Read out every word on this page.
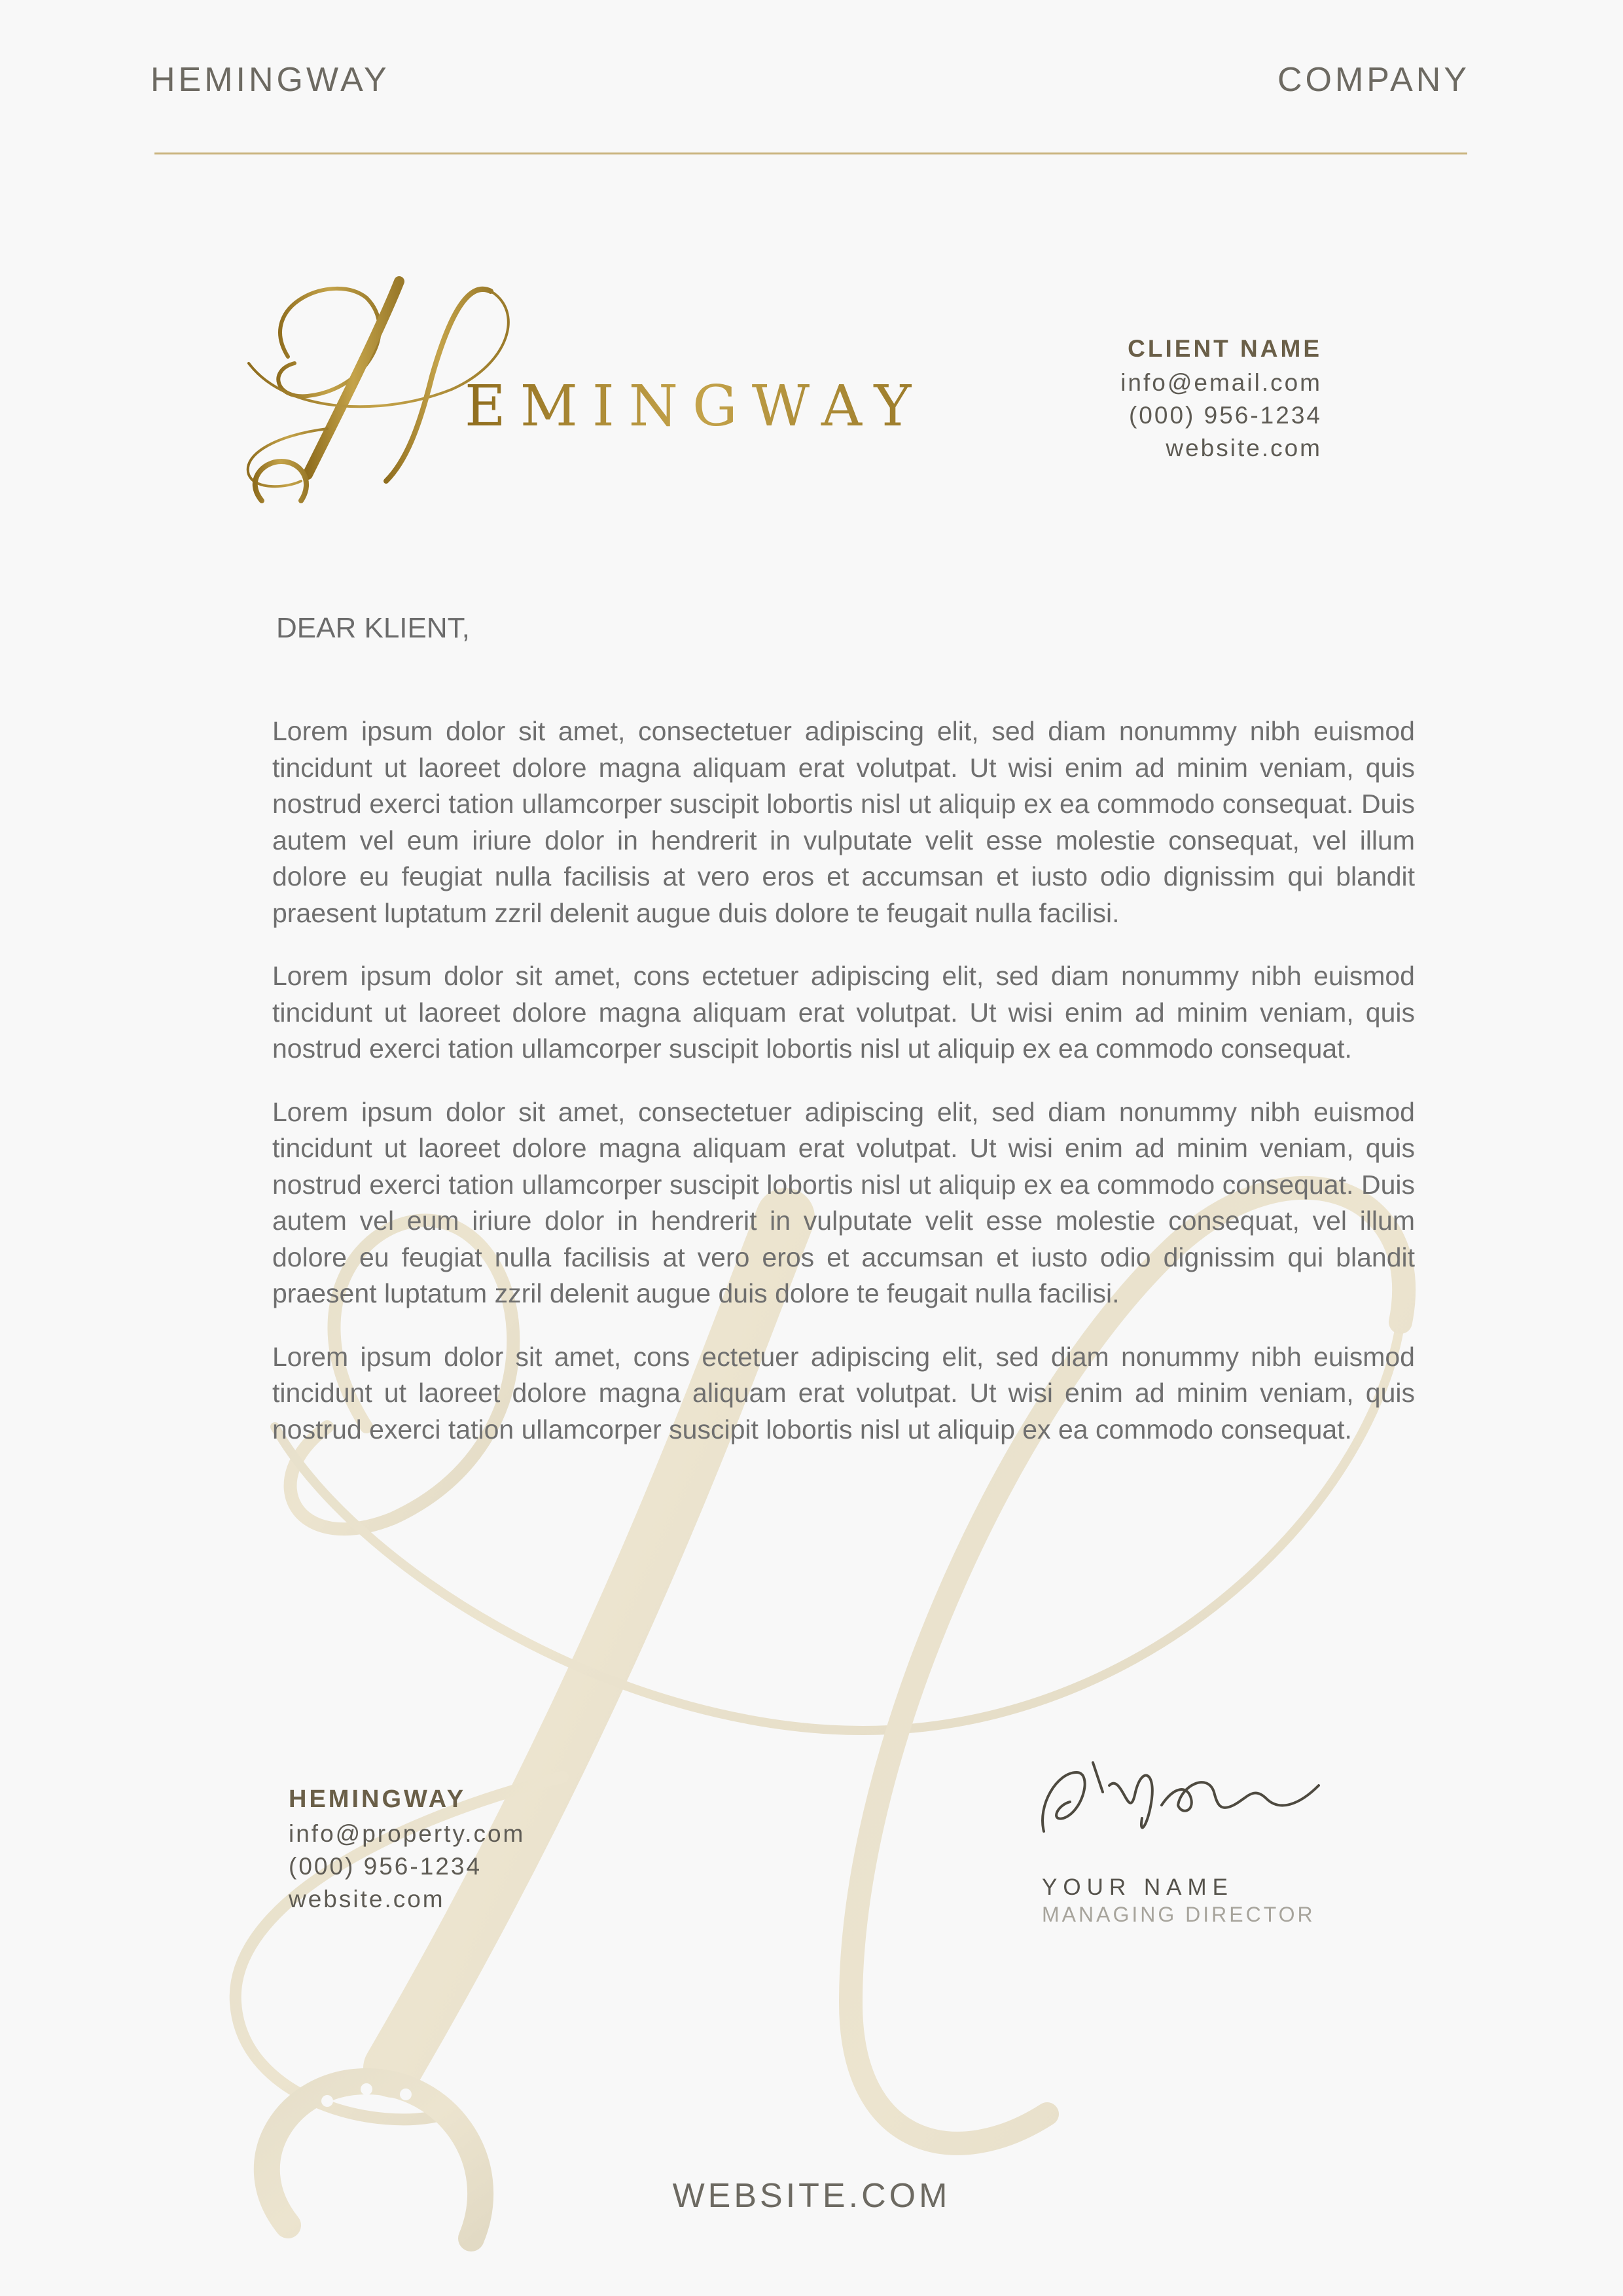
HEMINGWAY	COMPANY
EMINGWAY
CLIENT NAME
info@email.com
(000) 956-1234
website.com
DEAR KLIENT,

Lorem ipsum dolor sit amet, consectetuer adipiscing elit, sed diam nonummy nibh euismod tincidunt ut laoreet dolore magna aliquam erat volutpat. Ut wisi enim ad minim veniam, quis nostrud exerci tation ullamcorper suscipit lobortis nisl ut aliquip ex ea commodo consequat. Duis autem vel eum iriure dolor in hendrerit in vulputate velit esse molestie consequat, vel illum dolore eu feugiat nulla facilisis at vero eros et accumsan et iusto odio dignissim qui blandit praesent luptatum zzril delenit augue duis dolore te feugait nulla facilisi.

Lorem ipsum dolor sit amet, cons ectetuer adipiscing elit, sed diam nonummy nibh euismod tincidunt ut laoreet dolore magna aliquam erat volutpat. Ut wisi enim ad minim veniam, quis nostrud exerci tation ullamcorper suscipit lobortis nisl ut aliquip ex ea commodo consequat.

Lorem ipsum dolor sit amet, consectetuer adipiscing elit, sed diam nonummy nibh euismod tincidunt ut laoreet dolore magna aliquam erat volutpat. Ut wisi enim ad minim veniam, quis nostrud exerci tation ullamcorper suscipit lobortis nisl ut aliquip ex ea commodo consequat. Duis autem vel eum iriure dolor in hendrerit in vulputate velit esse molestie consequat, vel illum dolore eu feugiat nulla facilisis at vero eros et accumsan et iusto odio dignissim qui blandit praesent luptatum zzril delenit augue duis dolore te feugait nulla facilisi.

Lorem ipsum dolor sit amet, cons ectetuer adipiscing elit, sed diam nonummy nibh euismod tincidunt ut laoreet dolore magna aliquam erat volutpat. Ut wisi enim ad minim veniam, quis nostrud exerci tation ullamcorper suscipit lobortis nisl ut aliquip ex ea commodo consequat.

HEMINGWAY
info@property.com
(000) 956-1234
website.com	YOUR NAME
MANAGING DIRECTOR
WEBSITE.COM
